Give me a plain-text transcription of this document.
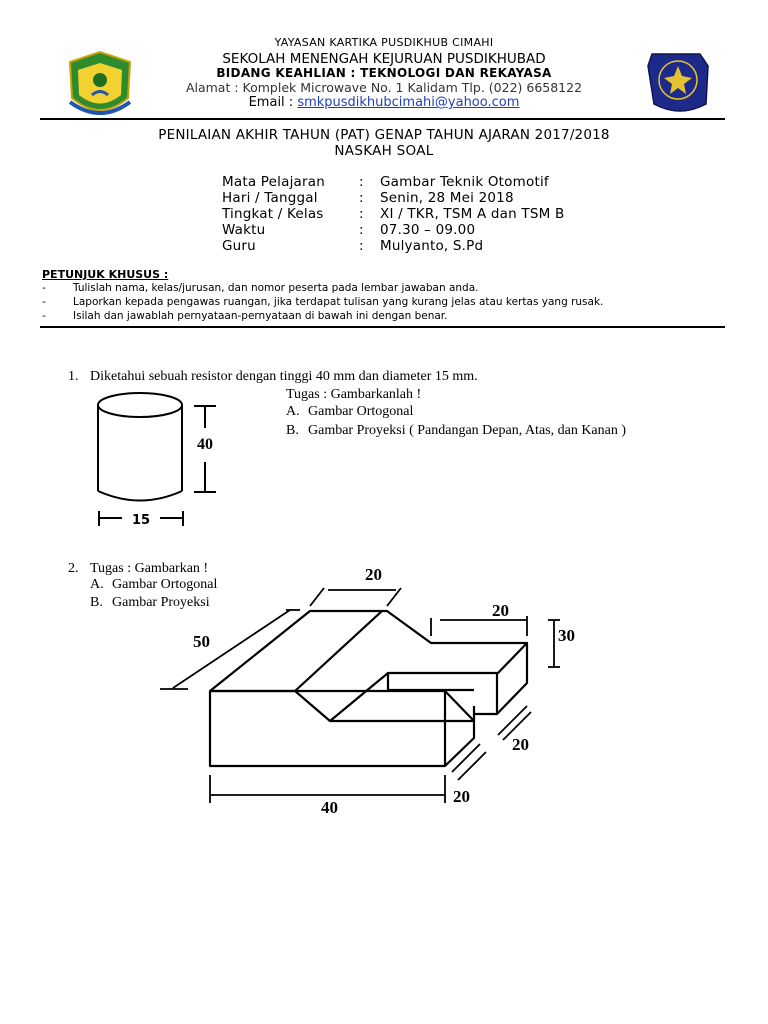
YAYASAN KARTIKA PUSDIKHUB CIMAHI
SEKOLAH MENENGAH KEJURUAN PUSDIKHUBAD
BIDANG KEAHLIAN : TEKNOLOGI DAN REKAYASA
Alamat : Komplek Microwave No. 1 Kalidam Tlp. (022) 6658122
Email : smkpusdikhubcimahi@yahoo.com
PENILAIAN AKHIR TAHUN (PAT) GENAP TAHUN AJARAN 2017/2018
NASKAH SOAL
Mata Pelajaran	: Gambar Teknik Otomotif
Hari / Tanggal	: Senin, 28 Mei 2018
Tingkat / Kelas	: XI / TKR, TSM A dan TSM B
Waktu	: 07.30 – 09.00
Guru	: Mulyanto, S.Pd
PETUNJUK KHUSUS :
-	Tulislah nama, kelas/jurusan, dan nomor peserta pada lembar jawaban anda.
-	Laporkan kepada pengawas ruangan, jika terdapat tulisan yang kurang jelas atau kertas yang rusak.
-	Isilah dan jawablah pernyataan-pernyataan di bawah ini dengan benar.
1. Diketahui sebuah resistor dengan tinggi 40 mm dan diameter 15 mm.
Tugas : Gambarkanlah !
A. Gambar Ortogonal
B. Gambar Proyeksi ( Pandangan Depan, Atas, dan Kanan )
40
15
2. Tugas : Gambarkan !
A. Gambar Ortogonal
B. Gambar Proyeksi
20
50
20
30
20
20
40
